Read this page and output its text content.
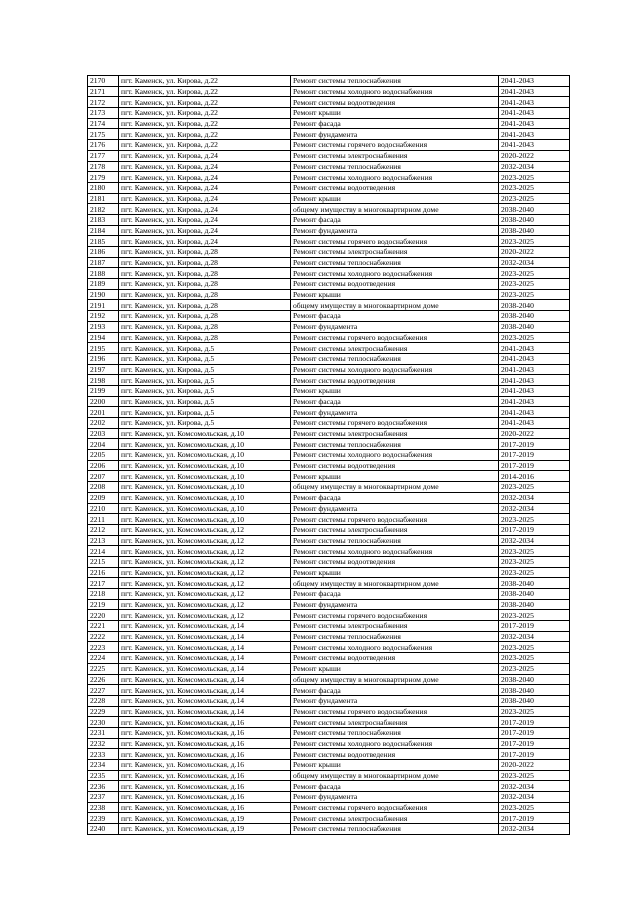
2170	пгт. Каменск, ул. Кирова, д.22	Ремонт системы теплоснабжения	2041-2043
2171	пгт. Каменск, ул. Кирова, д.22	Ремонт системы холодного водоснабжения	2041-2043
2172	пгт. Каменск, ул. Кирова, д.22	Ремонт системы водоотведения	2041-2043
2173	пгт. Каменск, ул. Кирова, д.22	Ремонт крыши	2041-2043
2174	пгт. Каменск, ул. Кирова, д.22	Ремонт фасада	2041-2043
2175	пгт. Каменск, ул. Кирова, д.22	Ремонт фундамента	2041-2043
2176	пгт. Каменск, ул. Кирова, д.22	Ремонт системы горячего водоснабжения	2041-2043
2177	пгт. Каменск, ул. Кирова, д.24	Ремонт системы электроснабжения	2020-2022
2178	пгт. Каменск, ул. Кирова, д.24	Ремонт системы теплоснабжения	2032-2034
2179	пгт. Каменск, ул. Кирова, д.24	Ремонт системы холодного водоснабжения	2023-2025
2180	пгт. Каменск, ул. Кирова, д.24	Ремонт системы водоотведения	2023-2025
2181	пгт. Каменск, ул. Кирова, д.24	Ремонт крыши	2023-2025
2182	пгт. Каменск, ул. Кирова, д.24	общему имуществу в многоквартирном доме	2038-2040
2183	пгт. Каменск, ул. Кирова, д.24	Ремонт фасада	2038-2040
2184	пгт. Каменск, ул. Кирова, д.24	Ремонт фундамента	2038-2040
2185	пгт. Каменск, ул. Кирова, д.24	Ремонт системы горячего водоснабжения	2023-2025
2186	пгт. Каменск, ул. Кирова, д.28	Ремонт системы электроснабжения	2020-2022
2187	пгт. Каменск, ул. Кирова, д.28	Ремонт системы теплоснабжения	2032-2034
2188	пгт. Каменск, ул. Кирова, д.28	Ремонт системы холодного водоснабжения	2023-2025
2189	пгт. Каменск, ул. Кирова, д.28	Ремонт системы водоотведения	2023-2025
2190	пгт. Каменск, ул. Кирова, д.28	Ремонт крыши	2023-2025
2191	пгт. Каменск, ул. Кирова, д.28	общему имуществу в многоквартирном доме	2038-2040
2192	пгт. Каменск, ул. Кирова, д.28	Ремонт фасада	2038-2040
2193	пгт. Каменск, ул. Кирова, д.28	Ремонт фундамента	2038-2040
2194	пгт. Каменск, ул. Кирова, д.28	Ремонт системы горячего водоснабжения	2023-2025
2195	пгт. Каменск, ул. Кирова, д.5	Ремонт системы электроснабжения	2041-2043
2196	пгт. Каменск, ул. Кирова, д.5	Ремонт системы теплоснабжения	2041-2043
2197	пгт. Каменск, ул. Кирова, д.5	Ремонт системы холодного водоснабжения	2041-2043
2198	пгт. Каменск, ул. Кирова, д.5	Ремонт системы водоотведения	2041-2043
2199	пгт. Каменск, ул. Кирова, д.5	Ремонт крыши	2041-2043
2200	пгт. Каменск, ул. Кирова, д.5	Ремонт фасада	2041-2043
2201	пгт. Каменск, ул. Кирова, д.5	Ремонт фундамента	2041-2043
2202	пгт. Каменск, ул. Кирова, д.5	Ремонт системы горячего водоснабжения	2041-2043
2203	пгт. Каменск, ул. Комсомольская, д.10	Ремонт системы электроснабжения	2020-2022
2204	пгт. Каменск, ул. Комсомольская, д.10	Ремонт системы теплоснабжения	2017-2019
2205	пгт. Каменск, ул. Комсомольская, д.10	Ремонт системы холодного водоснабжения	2017-2019
2206	пгт. Каменск, ул. Комсомольская, д.10	Ремонт системы водоотведения	2017-2019
2207	пгт. Каменск, ул. Комсомольская, д.10	Ремонт крыши	2014-2016
2208	пгт. Каменск, ул. Комсомольская, д.10	общему имуществу в многоквартирном доме	2023-2025
2209	пгт. Каменск, ул. Комсомольская, д.10	Ремонт фасада	2032-2034
2210	пгт. Каменск, ул. Комсомольская, д.10	Ремонт фундамента	2032-2034
2211	пгт. Каменск, ул. Комсомольская, д.10	Ремонт системы горячего водоснабжения	2023-2025
2212	пгт. Каменск, ул. Комсомольская, д.12	Ремонт системы электроснабжения	2017-2019
2213	пгт. Каменск, ул. Комсомольская, д.12	Ремонт системы теплоснабжения	2032-2034
2214	пгт. Каменск, ул. Комсомольская, д.12	Ремонт системы холодного водоснабжения	2023-2025
2215	пгт. Каменск, ул. Комсомольская, д.12	Ремонт системы водоотведения	2023-2025
2216	пгт. Каменск, ул. Комсомольская, д.12	Ремонт крыши	2023-2025
2217	пгт. Каменск, ул. Комсомольская, д.12	общему имуществу в многоквартирном доме	2038-2040
2218	пгт. Каменск, ул. Комсомольская, д.12	Ремонт фасада	2038-2040
2219	пгт. Каменск, ул. Комсомольская, д.12	Ремонт фундамента	2038-2040
2220	пгт. Каменск, ул. Комсомольская, д.12	Ремонт системы горячего водоснабжения	2023-2025
2221	пгт. Каменск, ул. Комсомольская, д.14	Ремонт системы электроснабжения	2017-2019
2222	пгт. Каменск, ул. Комсомольская, д.14	Ремонт системы теплоснабжения	2032-2034
2223	пгт. Каменск, ул. Комсомольская, д.14	Ремонт системы холодного водоснабжения	2023-2025
2224	пгт. Каменск, ул. Комсомольская, д.14	Ремонт системы водоотведения	2023-2025
2225	пгт. Каменск, ул. Комсомольская, д.14	Ремонт крыши	2023-2025
2226	пгт. Каменск, ул. Комсомольская, д.14	общему имуществу в многоквартирном доме	2038-2040
2227	пгт. Каменск, ул. Комсомольская, д.14	Ремонт фасада	2038-2040
2228	пгт. Каменск, ул. Комсомольская, д.14	Ремонт фундамента	2038-2040
2229	пгт. Каменск, ул. Комсомольская, д.14	Ремонт системы горячего водоснабжения	2023-2025
2230	пгт. Каменск, ул. Комсомольская, д.16	Ремонт системы электроснабжения	2017-2019
2231	пгт. Каменск, ул. Комсомольская, д.16	Ремонт системы теплоснабжения	2017-2019
2232	пгт. Каменск, ул. Комсомольская, д.16	Ремонт системы холодного водоснабжения	2017-2019
2233	пгт. Каменск, ул. Комсомольская, д.16	Ремонт системы водоотведения	2017-2019
2234	пгт. Каменск, ул. Комсомольская, д.16	Ремонт крыши	2020-2022
2235	пгт. Каменск, ул. Комсомольская, д.16	общему имуществу в многоквартирном доме	2023-2025
2236	пгт. Каменск, ул. Комсомольская, д.16	Ремонт фасада	2032-2034
2237	пгт. Каменск, ул. Комсомольская, д.16	Ремонт фундамента	2032-2034
2238	пгт. Каменск, ул. Комсомольская, д.16	Ремонт системы горячего водоснабжения	2023-2025
2239	пгт. Каменск, ул. Комсомольская, д.19	Ремонт системы электроснабжения	2017-2019
2240	пгт. Каменск, ул. Комсомольская, д.19	Ремонт системы теплоснабжения	2032-2034
